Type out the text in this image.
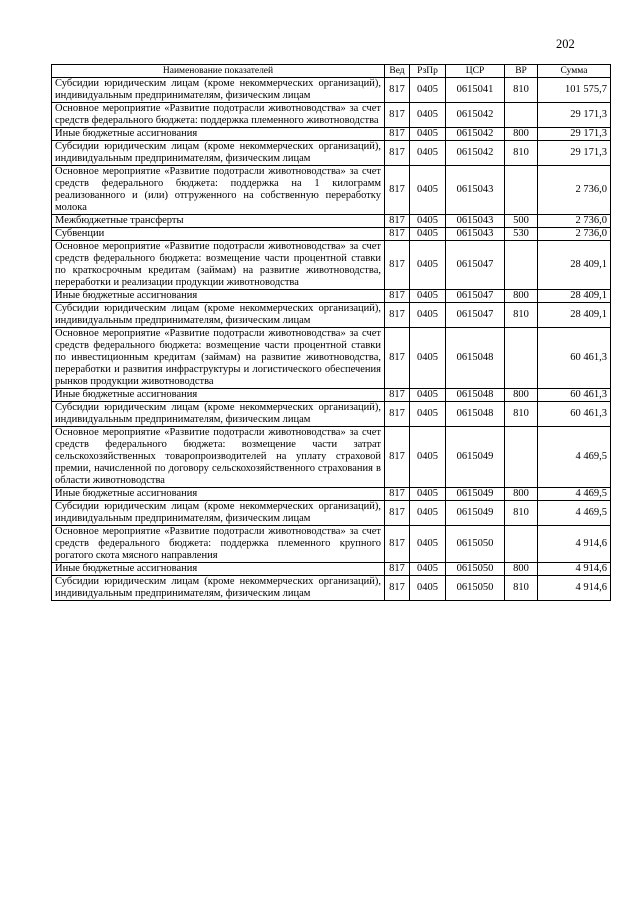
202
Наименование показателей	Вед	РзПр	ЦСР	ВР	Сумма
Субсидии юридическим лицам (кроме некоммерческих организаций), индивидуальным предпринимателям, физическим лицам	817	0405	0615041	810	101 575,7
Основное мероприятие «Развитие подотрасли животноводства» за счет средств федерального бюджета: поддержка племенного животноводства	817	0405	0615042		29 171,3
Иные бюджетные ассигнования	817	0405	0615042	800	29 171,3
Субсидии юридическим лицам (кроме некоммерческих организаций), индивидуальным предпринимателям, физическим лицам	817	0405	0615042	810	29 171,3
Основное мероприятие «Развитие подотрасли животноводства» за счет средств федерального бюджета: поддержка на 1 килограмм реализованного и (или) отгруженного на собственную переработку молока	817	0405	0615043		2 736,0
Межбюджетные трансферты	817	0405	0615043	500	2 736,0
Субвенции	817	0405	0615043	530	2 736,0
Основное мероприятие «Развитие подотрасли животноводства» за счет средств федерального бюджета: возмещение части процентной ставки по краткосрочным кредитам (займам) на развитие животноводства, переработки и реализации продукции животноводства	817	0405	0615047		28 409,1
Иные бюджетные ассигнования	817	0405	0615047	800	28 409,1
Субсидии юридическим лицам (кроме некоммерческих организаций), индивидуальным предпринимателям, физическим лицам	817	0405	0615047	810	28 409,1
Основное мероприятие «Развитие подотрасли животноводства» за счет средств федерального бюджета: возмещение части процентной ставки по инвестиционным кредитам (займам) на развитие животноводства, переработки и развития инфраструктуры и логистического обеспечения рынков продукции животноводства	817	0405	0615048		60 461,3
Иные бюджетные ассигнования	817	0405	0615048	800	60 461,3
Субсидии юридическим лицам (кроме некоммерческих организаций), индивидуальным предпринимателям, физическим лицам	817	0405	0615048	810	60 461,3
Основное мероприятие «Развитие подотрасли животноводства» за счет средств федерального бюджета: возмещение части затрат сельскохозяйственных товаропроизводителей на уплату страховой премии, начисленной по договору сельскохозяйственного страхования в области животноводства	817	0405	0615049		4 469,5
Иные бюджетные ассигнования	817	0405	0615049	800	4 469,5
Субсидии юридическим лицам (кроме некоммерческих организаций), индивидуальным предпринимателям, физическим лицам	817	0405	0615049	810	4 469,5
Основное мероприятие «Развитие подотрасли животноводства» за счет средств федерального бюджета: поддержка племенного крупного рогатого скота мясного направления	817	0405	0615050		4 914,6
Иные бюджетные ассигнования	817	0405	0615050	800	4 914,6
Субсидии юридическим лицам (кроме некоммерческих организаций), индивидуальным предпринимателям, физическим лицам	817	0405	0615050	810	4 914,6
